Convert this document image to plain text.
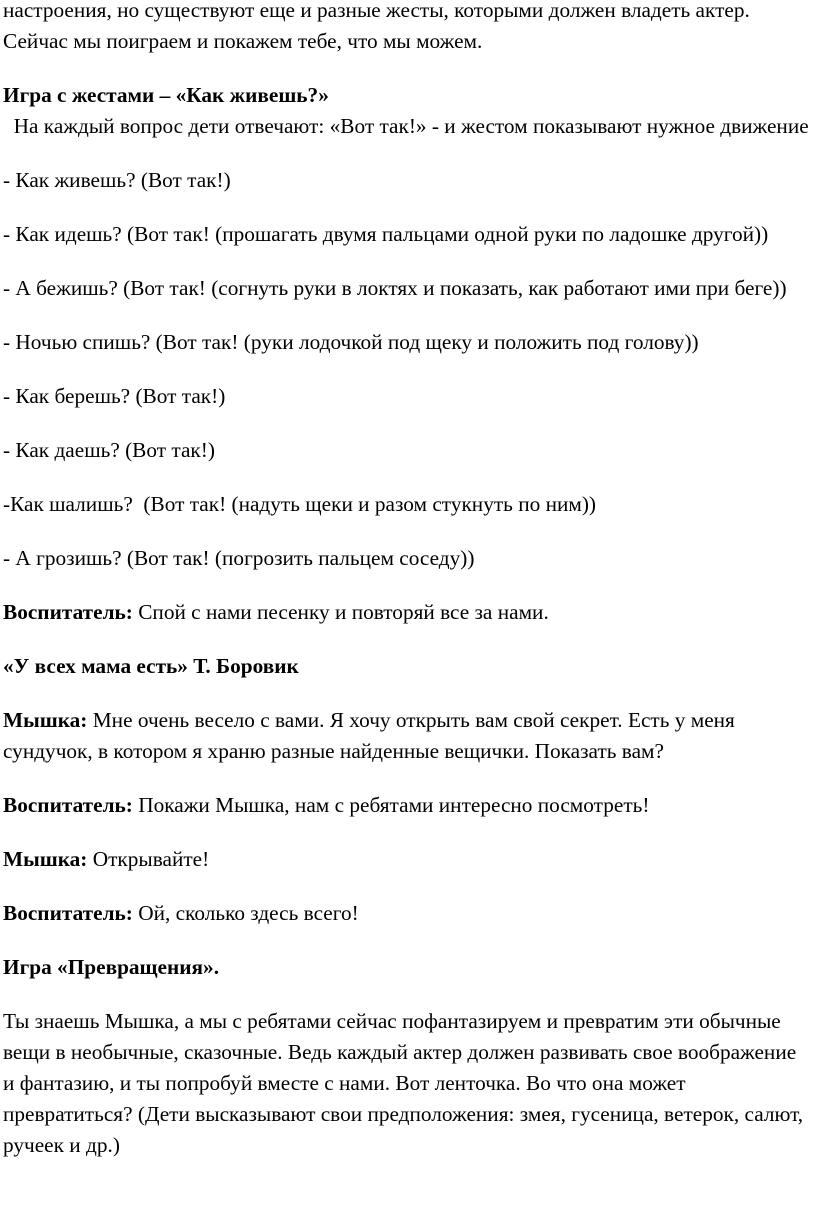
настроения, но существуют еще и разные жесты, которыми должен владеть актер. Сейчас мы поиграем и покажем тебе, что мы можем.

Игра с жестами – «Как живешь?»  На каждый вопрос дети отвечают: «Вот так!» - и жестом показывают нужное движение

- Как живешь? (Вот так!)

- Как идешь? (Вот так! (прошагать двумя пальцами одной руки по ладошке другой))

- А бежишь? (Вот так! (согнуть руки в локтях и показать, как работают ими при беге))

- Ночью спишь? (Вот так! (руки лодочкой под щеку и положить под голову))

- Как берешь? (Вот так!)

- Как даешь? (Вот так!)

-Как шалишь?  (Вот так! (надуть щеки и разом стукнуть по ним))

- А грозишь? (Вот так! (погрозить пальцем соседу))

Воспитатель: Спой с нами песенку и повторяй все за нами.

«У всех мама есть» Т. Боровик

Мышка: Мне очень весело с вами. Я хочу открыть вам свой секрет. Есть у меня сундучок, в котором я храню разные найденные вещички. Показать вам?

Воспитатель: Покажи Мышка, нам с ребятами интересно посмотреть!

Мышка: Открывайте!

Воспитатель: Ой, сколько здесь всего!

Игра «Превращения».

Ты знаешь Мышка, а мы с ребятами сейчас пофантазируем и превратим эти обычные вещи в необычные, сказочные. Ведь каждый актер должен развивать свое воображение и фантазию, и ты попробуй вместе с нами. Вот ленточка. Во что она может превратиться? (Дети высказывают свои предположения: змея, гусеница, ветерок, салют, ручеек и др.)
